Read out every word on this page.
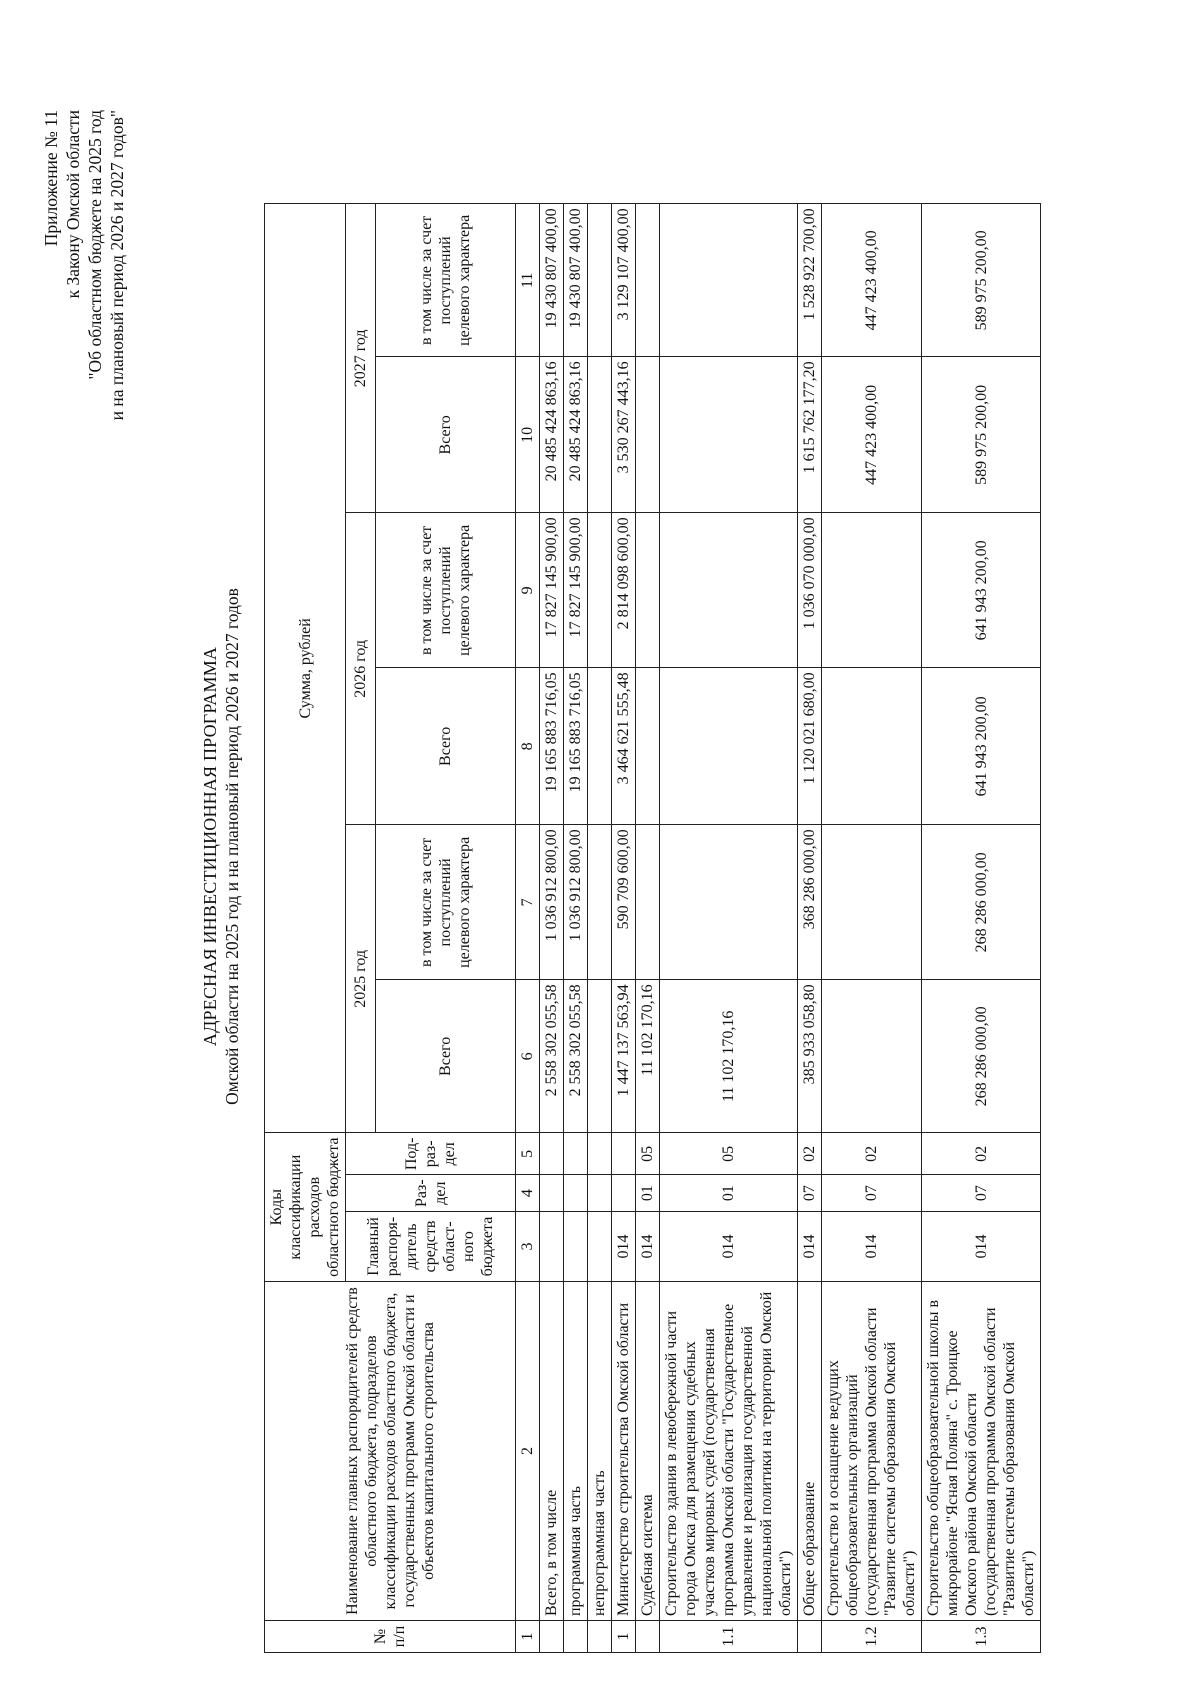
Приложение № 11 к Закону Омской области "Об областном бюджете на 2025 год и на плановый период 2026 и 2027 годов"
АДРЕСНАЯ ИНВЕСТИЦИОННАЯ ПРОГРАММА Омской области на 2025 год и на плановый период 2026 и 2027 годов
№ п/п	Наименование главных распорядителей средств областного бюджета, подразделов классификации расходов областного бюджета, государственных программ Омской области и объектов капитального строительства	Коды классификации расходов областного бюджета			Сумма, рублей					
		Главный распоря-дитель средств област-ного бюджета	Раз-дел	Под-раз-дел	2025 год		2026 год		2027 год	
					Всего	в том числе за счет поступлений целевого характера	Всего	в том числе за счет поступлений целевого характера	Всего	в том числе за счет поступлений целевого характера
1	2	3	4	5	6	7	8	9	10	11
	Всего, в том числе				2 558 302 055,58	1 036 912 800,00	19 165 883 716,05	17 827 145 900,00	20 485 424 863,16	19 430 807 400,00
	программная часть				2 558 302 055,58	1 036 912 800,00	19 165 883 716,05	17 827 145 900,00	20 485 424 863,16	19 430 807 400,00
	непрограммная часть									
1	Министерство строительства Омской области	014			1 447 137 563,94	590 709 600,00	3 464 621 555,48	2 814 098 600,00	3 530 267 443,16	3 129 107 400,00
	Судебная система	014	01	05	11 102 170,16					
1.1	Строительство здания в левобережной части города Омска для размещения судебных участков мировых судей (государственная программа Омской области "Государственное управление и реализация государственной национальной политики на территории Омской области")	014	01	05	11 102 170,16					
	Общее образование	014	07	02	385 933 058,80	368 286 000,00	1 120 021 680,00	1 036 070 000,00	1 615 762 177,20	1 528 922 700,00
1.2	Строительство и оснащение ведущих общеобразовательных организаций (государственная программа Омской области "Развитие системы образования Омской области")	014	07	02					447 423 400,00	447 423 400,00
1.3	Строительство общеобразовательной школы в микрорайоне "Ясная Поляна" с. Троицкое Омского района Омской области (государственная программа Омской области "Развитие системы образования Омской области")	014	07	02	268 286 000,00	268 286 000,00	641 943 200,00	641 943 200,00	589 975 200,00	589 975 200,00
